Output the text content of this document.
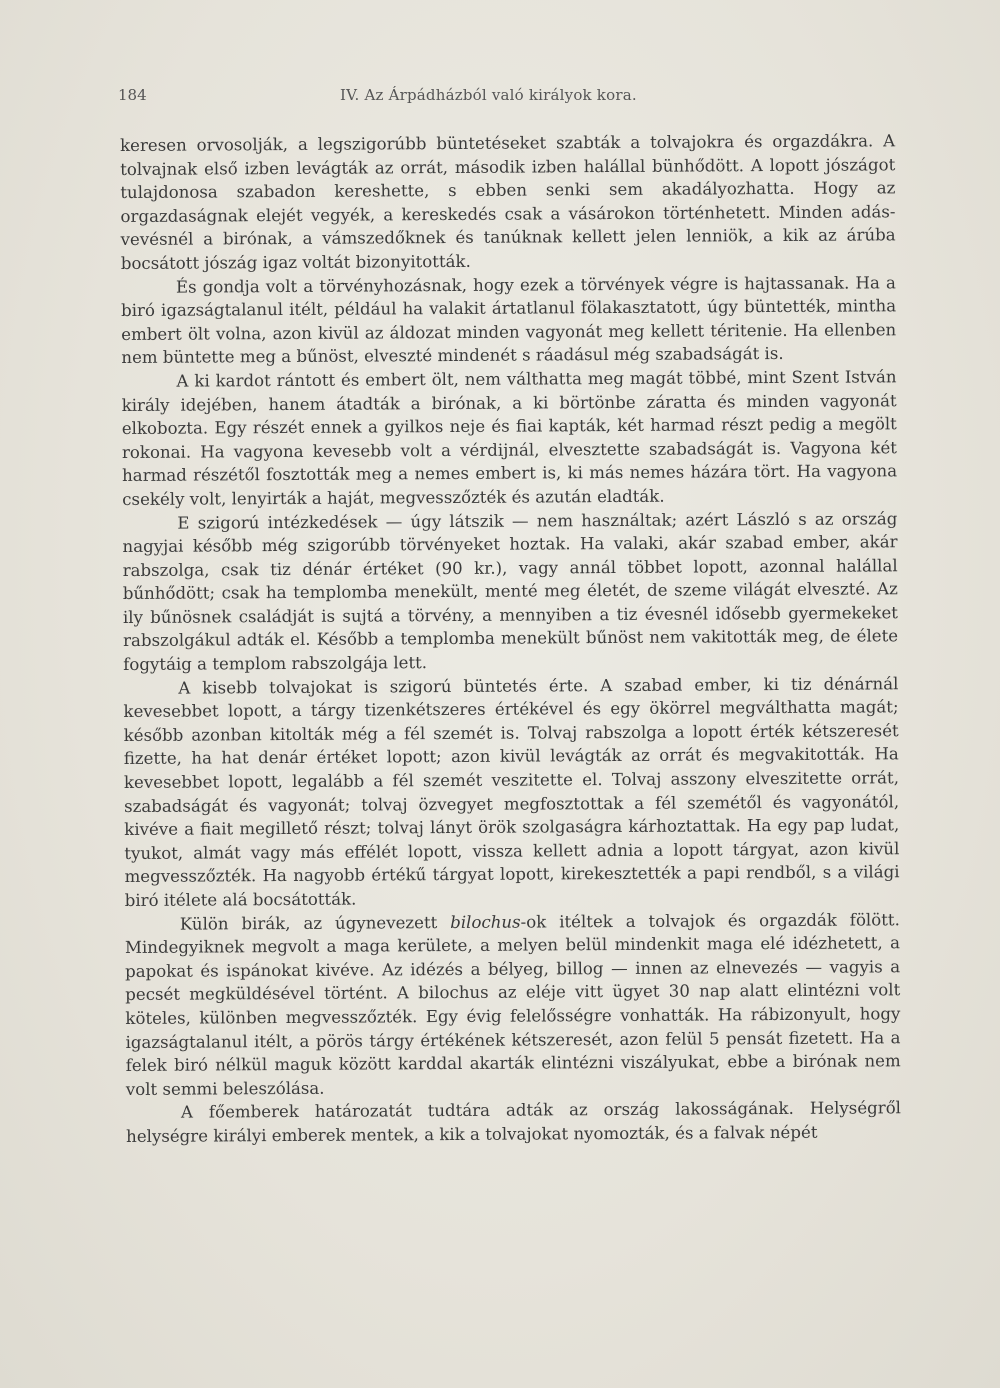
184	IV. Az Árpádházból való királyok kora.

keresen orvosolják, a legszigorúbb büntetéseket szabták a tolvajokra és orgazdákra. A tolvajnak első izben levágták az orrát, második izben halállal bünhődött. A lopott jószágot tulajdonosa szabadon kereshette, s ebben senki sem akadályozhatta. Hogy az orgazdaságnak elejét vegyék, a kereskedés csak a vásárokon történhetett. Minden adás-vevésnél a birónak, a vámszedőknek és tanúknak kellett jelen lenniök, a kik az árúba bocsátott jószág igaz voltát bizonyitották.

És gondja volt a törvényhozásnak, hogy ezek a törvények végre is hajtassanak. Ha a biró igazságtalanul itélt, például ha valakit ártatlanul fölakasztatott, úgy büntették, mintha embert ölt volna, azon kivül az áldozat minden vagyonát meg kellett téritenie. Ha ellenben nem büntette meg a bűnöst, elveszté mindenét s ráadásul még szabadságát is.

A ki kardot rántott és embert ölt, nem válthatta meg magát többé, mint Szent István király idejében, hanem átadták a birónak, a ki börtönbe záratta és minden vagyonát elkobozta. Egy részét ennek a gyilkos neje és fiai kapták, két harmad részt pedig a megölt rokonai. Ha vagyona kevesebb volt a vérdijnál, elvesztette szabadságát is. Vagyona két harmad részétől fosztották meg a nemes embert is, ki más nemes házára tört. Ha vagyona csekély volt, lenyirták a haját, megvesszőzték és azután eladták.

E szigorú intézkedések — úgy látszik — nem használtak; azért László s az ország nagyjai később még szigorúbb törvényeket hoztak. Ha valaki, akár szabad ember, akár rabszolga, csak tiz dénár értéket (90 kr.), vagy annál többet lopott, azonnal halállal bűnhődött; csak ha templomba menekült, menté meg életét, de szeme világát elveszté. Az ily bűnösnek családját is sujtá a törvény, a mennyiben a tiz évesnél idősebb gyermekeket rabszolgákul adták el. Később a templomba menekült bűnöst nem vakitották meg, de élete fogytáig a templom rabszolgája lett.

A kisebb tolvajokat is szigorú büntetés érte. A szabad ember, ki tiz dénárnál kevesebbet lopott, a tárgy tizenkétszeres értékével és egy ökörrel megválthatta magát; később azonban kitolták még a fél szemét is. Tolvaj rabszolga a lopott érték kétszeresét fizette, ha hat denár értéket lopott; azon kivül levágták az orrát és megvakitották. Ha kevesebbet lopott, legalább a fél szemét veszitette el. Tolvaj asszony elveszitette orrát, szabadságát és vagyonát; tolvaj özvegyet megfosztottak a fél szemétől és vagyonától, kivéve a fiait megillető részt; tolvaj lányt örök szolgaságra kárhoztattak. Ha egy pap ludat, tyukot, almát vagy más effélét lopott, vissza kellett adnia a lopott tárgyat, azon kivül megvesszőzték. Ha nagyobb értékű tárgyat lopott, kirekesztették a papi rendből, s a világi biró itélete alá bocsátották.

Külön birák, az úgynevezett bilochus-ok itéltek a tolvajok és orgazdák fölött. Mindegyiknek megvolt a maga kerülete, a melyen belül mindenkit maga elé idézhetett, a papokat és ispánokat kivéve. Az idézés a bélyeg, billog — innen az elnevezés — vagyis a pecsét megküldésével történt. A bilochus az eléje vitt ügyet 30 nap alatt elintézni volt köteles, különben megvesszőzték. Egy évig felelősségre vonhatták. Ha rábizonyult, hogy igazságtalanul itélt, a pörös tárgy értékének kétszeresét, azon felül 5 pensát fizetett. Ha a felek biró nélkül maguk között karddal akarták elintézni viszályukat, ebbe a birónak nem volt semmi beleszólása.

A főemberek határozatát tudtára adták az ország lakosságának. Helységről helységre királyi emberek mentek, a kik a tolvajokat nyomozták, és a falvak népét
